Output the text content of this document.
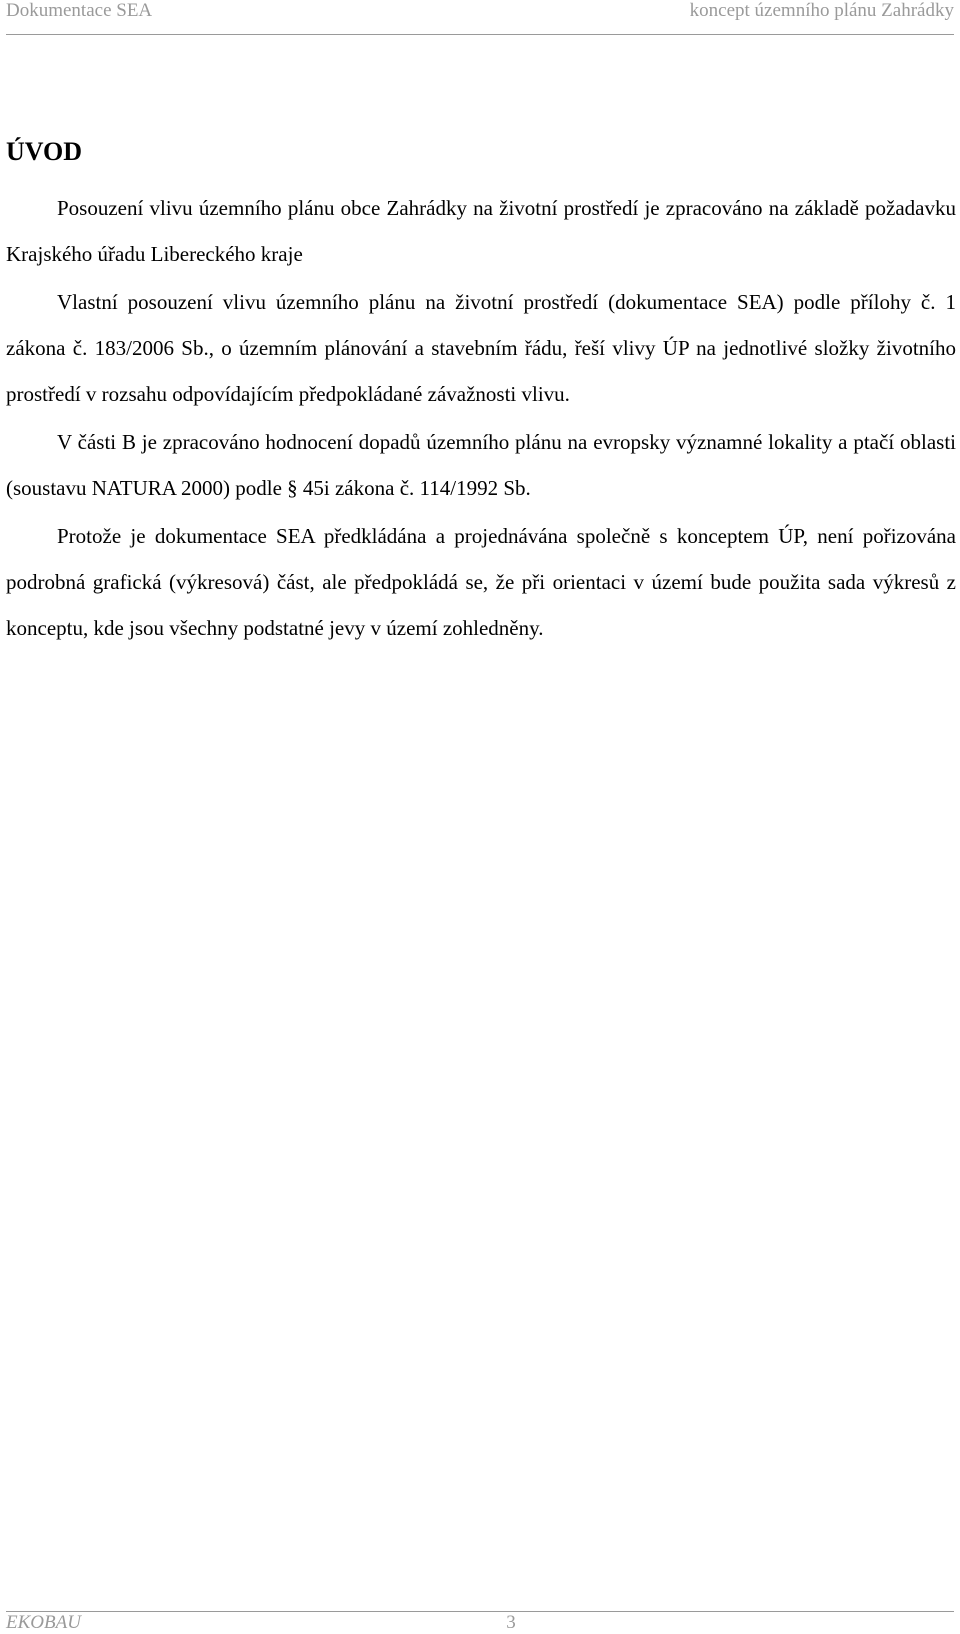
Dokumentace SEA	koncept územního plánu Zahrádky
ÚVOD

Posouzení vlivu územního plánu obce Zahrádky na životní prostředí je zpracováno na základě požadavku Krajského úřadu Libereckého kraje

Vlastní posouzení vlivu územního plánu na životní prostředí (dokumentace SEA) podle přílohy č. 1 zákona č. 183/2006 Sb., o územním plánování a stavebním řádu, řeší vlivy ÚP na jednotlivé složky životního prostředí v rozsahu odpovídajícím předpokládané závažnosti vlivu.

V části B je zpracováno hodnocení dopadů územního plánu na evropsky významné lokality a ptačí oblasti (soustavu NATURA 2000) podle § 45i zákona č. 114/1992 Sb.

Protože je dokumentace SEA předkládána a projednávána společně s konceptem ÚP, není pořizována podrobná grafická (výkresová) část, ale předpokládá se, že při orientaci v území bude použita sada výkresů z konceptu, kde jsou všechny podstatné jevy v území zohledněny.

EKOBAU	3
